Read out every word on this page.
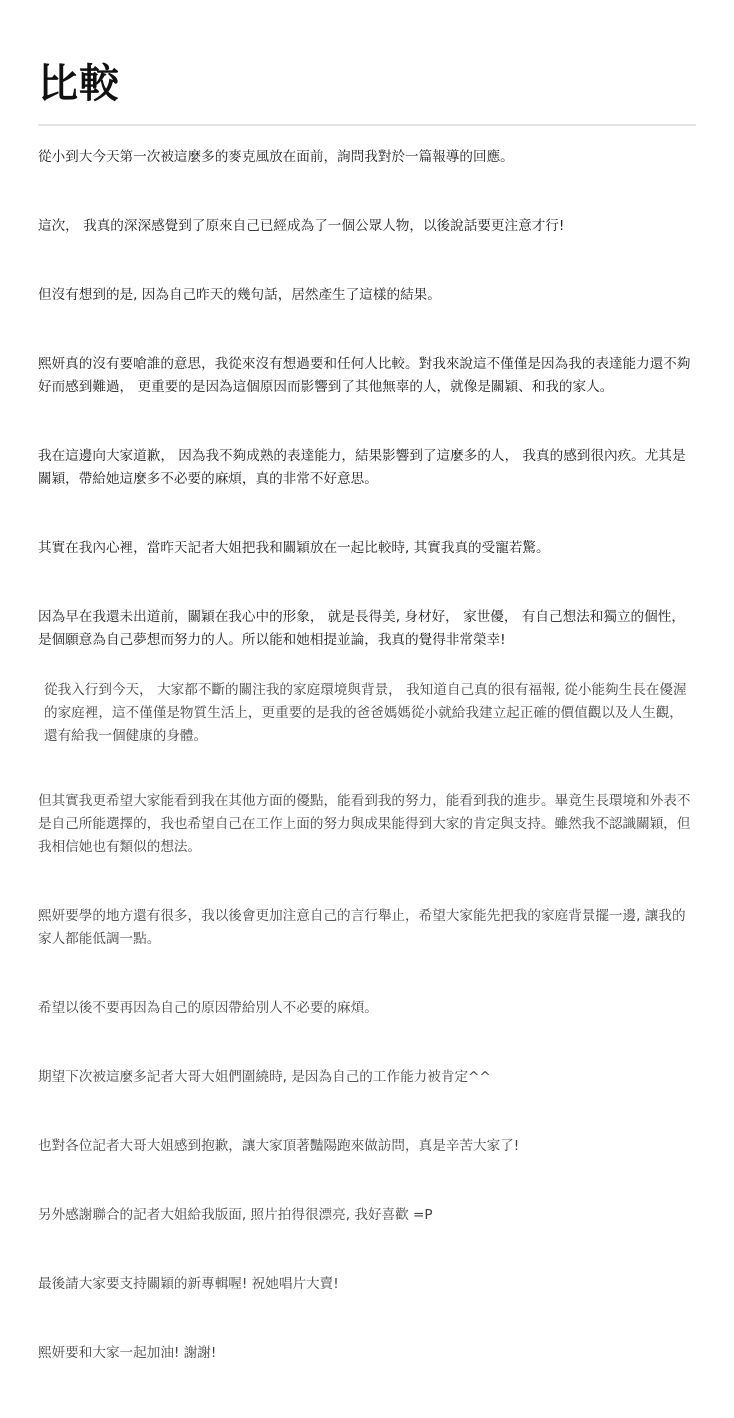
比較

從小到大今天第一次被這麼多的麥克風放在面前，詢問我對於一篇報導的回應。

這次， 我真的深深感覺到了原來自己已經成為了一個公眾人物，以後說話要更注意才行!

但沒有想到的是, 因為自己昨天的幾句話，居然產生了這樣的結果。

熙妍真的沒有要嗆誰的意思，我從來沒有想過要和任何人比較。對我來說這不僅僅是因為我的表達能力還不夠好而感到難過， 更重要的是因為這個原因而影響到了其他無辜的人，就像是關穎、和我的家人。

我在這邊向大家道歉， 因為我不夠成熟的表達能力，結果影響到了這麼多的人， 我真的感到很內疚。尤其是關穎，帶給她這麼多不必要的麻煩，真的非常不好意思。

其實在我內心裡，當昨天記者大姐把我和關穎放在一起比較時, 其實我真的受寵若驚。

因為早在我還未出道前，關穎在我心中的形象， 就是長得美, 身材好， 家世優， 有自己想法和獨立的個性， 是個願意為自己夢想而努力的人。所以能和她相提並論，我真的覺得非常榮幸!

從我入行到今天， 大家都不斷的關注我的家庭環境與背景， 我知道自己真的很有福報, 從小能夠生長在優渥的家庭裡，這不僅僅是物質生活上，更重要的是我的爸爸媽媽從小就給我建立起正確的價值觀以及人生觀，還有給我一個健康的身體。

但其實我更希望大家能看到我在其他方面的優點，能看到我的努力，能看到我的進步。畢竟生長環境和外表不是自己所能選擇的，我也希望自己在工作上面的努力與成果能得到大家的肯定與支持。雖然我不認識關穎，但我相信她也有類似的想法。

熙妍要學的地方還有很多，我以後會更加注意自己的言行舉止，希望大家能先把我的家庭背景擺一邊, 讓我的家人都能低調一點。

希望以後不要再因為自己的原因帶給別人不必要的麻煩。

期望下次被這麼多記者大哥大姐們圍繞時, 是因為自己的工作能力被肯定^^

也對各位記者大哥大姐感到抱歉，讓大家頂著豔陽跑來做訪問，真是辛苦大家了!

另外感謝聯合的記者大姐給我版面, 照片拍得很漂亮, 我好喜歡 =P

最後請大家要支持關穎的新專輯喔! 祝她唱片大賣!

熙妍要和大家一起加油! 謝謝!
